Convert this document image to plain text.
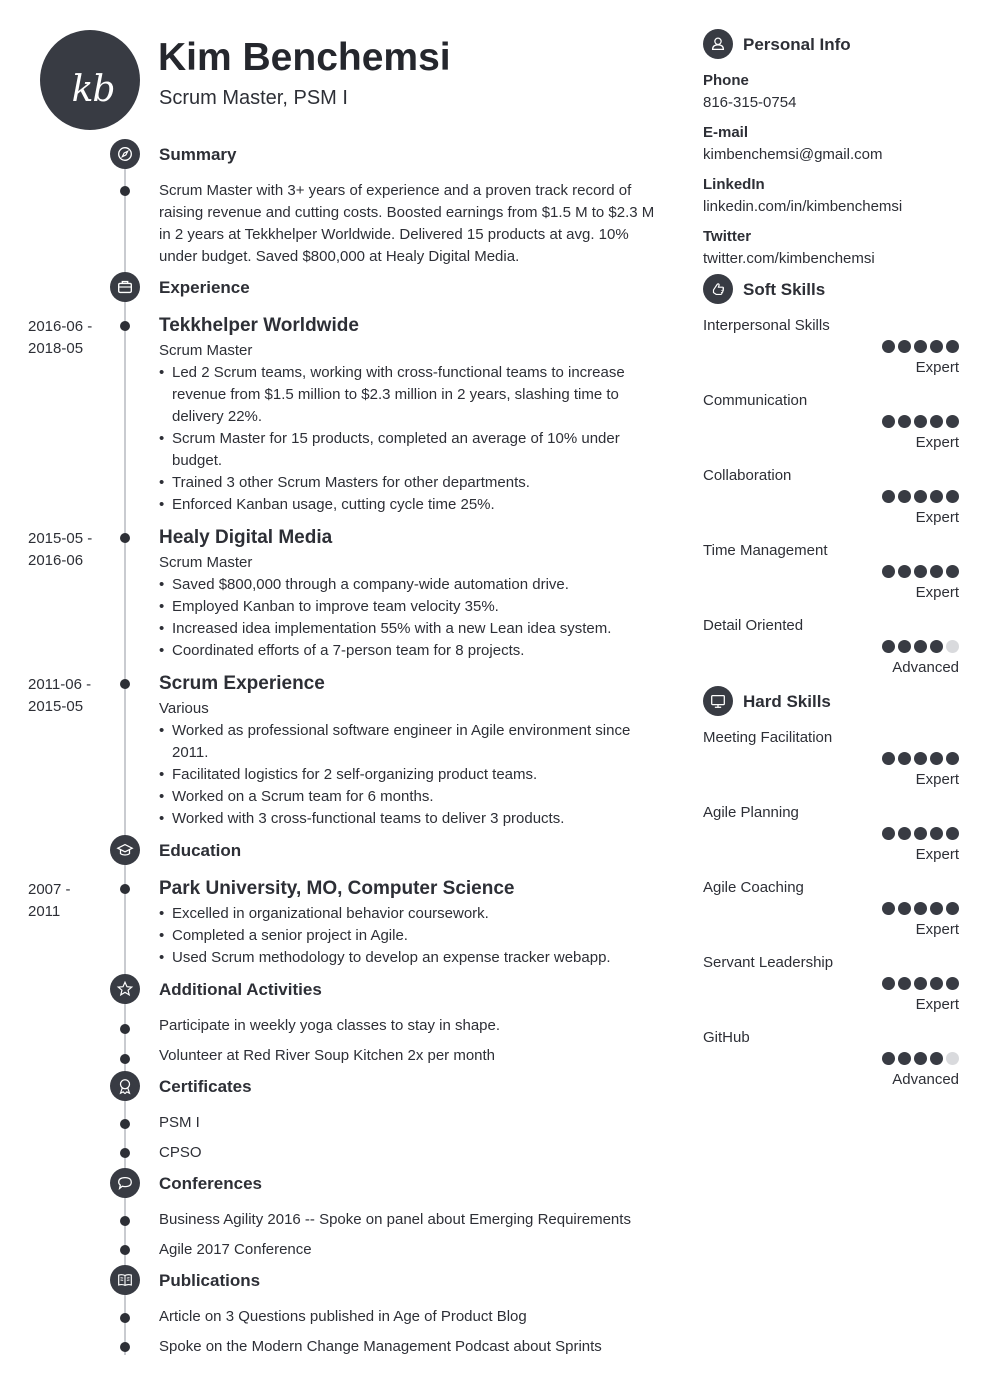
kb
Kim Benchemsi
Scrum Master, PSM I
Summary
Scrum Master with 3+ years of experience and a proven track record of raising revenue and cutting costs. Boosted earnings from $1.5 M to $2.3 M in 2 years at Tekkhelper Worldwide. Delivered 15 products at avg. 10% under budget. Saved $800,000 at Healy Digital Media.
Experience
2016-06 -
2018-05
Tekkhelper Worldwide
Scrum Master
• Led 2 Scrum teams, working with cross-functional teams to increase revenue from $1.5 million to $2.3 million in 2 years, slashing time to delivery 22%.
• Scrum Master for 15 products, completed an average of 10% under budget.
• Trained 3 other Scrum Masters for other departments.
• Enforced Kanban usage, cutting cycle time 25%.
2015-05 -
2016-06
Healy Digital Media
Scrum Master
• Saved $800,000 through a company-wide automation drive.
• Employed Kanban to improve team velocity 35%.
• Increased idea implementation 55% with a new Lean idea system.
• Coordinated efforts of a 7-person team for 8 projects.
2011-06 -
2015-05
Scrum Experience
Various
• Worked as professional software engineer in Agile environment since 2011.
• Facilitated logistics for 2 self-organizing product teams.
• Worked on a Scrum team for 6 months.
• Worked with 3 cross-functional teams to deliver 3 products.
Education
2007 -
2011
Park University, MO, Computer Science
• Excelled in organizational behavior coursework.
• Completed a senior project in Agile.
• Used Scrum methodology to develop an expense tracker webapp.
Additional Activities
Participate in weekly yoga classes to stay in shape.
Volunteer at Red River Soup Kitchen 2x per month
Certificates
PSM I
CPSO
Conferences
Business Agility 2016 -- Spoke on panel about Emerging Requirements
Agile 2017 Conference
Publications
Article on 3 Questions published in Age of Product Blog
Spoke on the Modern Change Management Podcast about Sprints
Personal Info
Phone
816-315-0754
E-mail
kimbenchemsi@gmail.com
LinkedIn
linkedin.com/in/kimbenchemsi
Twitter
twitter.com/kimbenchemsi
Soft Skills
Interpersonal Skills
Expert
Communication
Expert
Collaboration
Expert
Time Management
Expert
Detail Oriented
Advanced
Hard Skills
Meeting Facilitation
Expert
Agile Planning
Expert
Agile Coaching
Expert
Servant Leadership
Expert
GitHub
Advanced
